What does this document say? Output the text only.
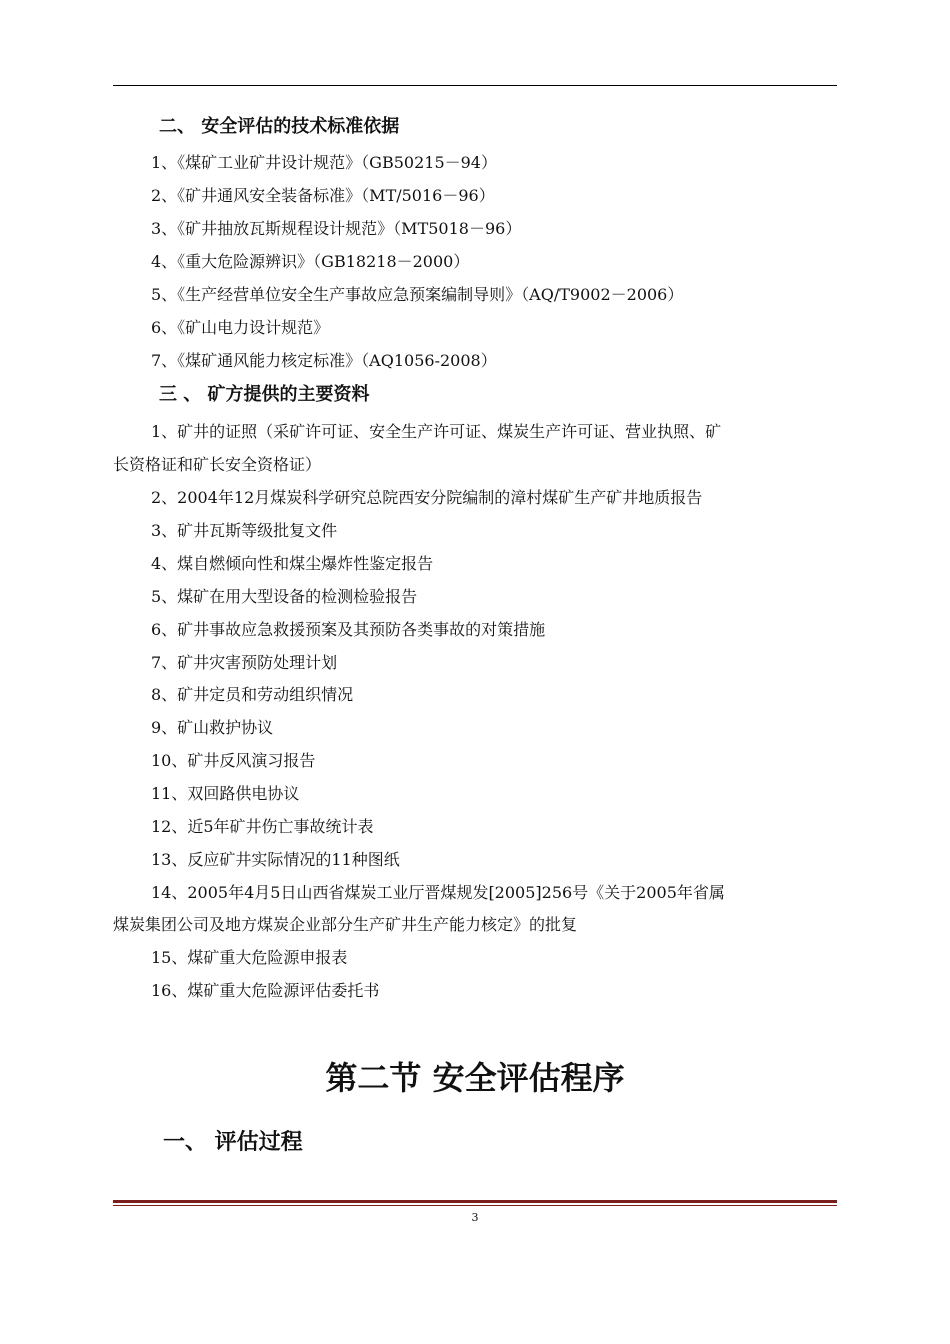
二、 安全评估的技术标准依据
1、《煤矿工业矿井设计规范》（GB50215－94）
2、《矿井通风安全装备标准》（MT/5016－96）
3、《矿井抽放瓦斯规程设计规范》（MT5018－96）
4、《重大危险源辨识》（GB18218－2000）
5、《生产经营单位安全生产事故应急预案编制导则》（AQ/T9002－2006）
6、《矿山电力设计规范》
7、《煤矿通风能力核定标准》（AQ1056-2008）
三 、 矿方提供的主要资料
1、矿井的证照（采矿许可证、安全生产许可证、煤炭生产许可证、营业执照、矿
长资格证和矿长安全资格证）
2、2004年12月煤炭科学研究总院西安分院编制的漳村煤矿生产矿井地质报告
3、矿井瓦斯等级批复文件
4、煤自燃倾向性和煤尘爆炸性鉴定报告
5、煤矿在用大型设备的检测检验报告
6、矿井事故应急救援预案及其预防各类事故的对策措施
7、矿井灾害预防处理计划
8、矿井定员和劳动组织情况
9、矿山救护协议
10、矿井反风演习报告
11、双回路供电协议
12、近5年矿井伤亡事故统计表
13、反应矿井实际情况的11种图纸
14、2005年4月5日山西省煤炭工业厅晋煤规发[2005]256号《关于2005年省属
煤炭集团公司及地方煤炭企业部分生产矿井生产能力核定》的批复
15、煤矿重大危险源申报表
16、煤矿重大危险源评估委托书
第二节 安全评估程序
一、 评估过程
3
